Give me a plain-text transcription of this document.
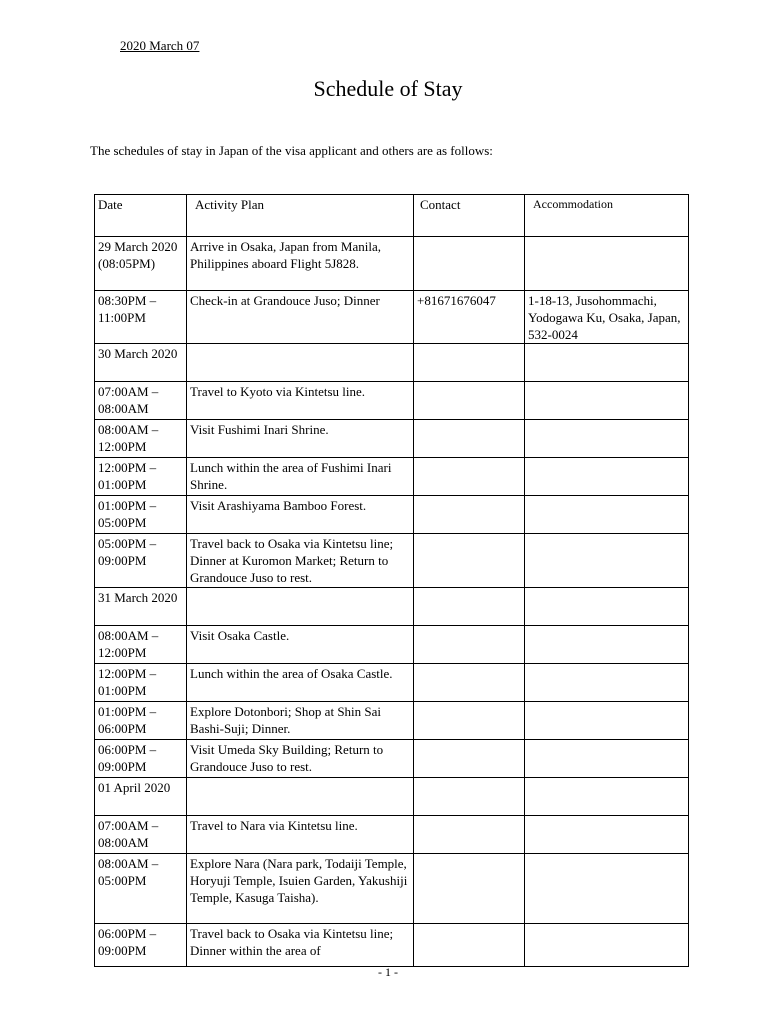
2020 March 07
Schedule of Stay
The schedules of stay in Japan of the visa applicant and others are as follows:
Date	Activity Plan	Contact	Accommodation
29 March 2020 (08:05PM)	Arrive in Osaka, Japan from Manila, Philippines aboard Flight 5J828.		
08:30PM – 11:00PM	Check-in at Grandouce Juso; Dinner	+81671676047	1-18-13, Jusohommachi, Yodogawa Ku, Osaka, Japan, 532-0024
30 March 2020			
07:00AM – 08:00AM	Travel to Kyoto via Kintetsu line.		
08:00AM – 12:00PM	Visit Fushimi Inari Shrine.		
12:00PM – 01:00PM	Lunch within the area of Fushimi Inari Shrine.		
01:00PM – 05:00PM	Visit Arashiyama Bamboo Forest.		
05:00PM – 09:00PM	Travel back to Osaka via Kintetsu line; Dinner at Kuromon Market; Return to Grandouce Juso to rest.		
31 March 2020			
08:00AM – 12:00PM	Visit Osaka Castle.		
12:00PM – 01:00PM	Lunch within the area of Osaka Castle.		
01:00PM – 06:00PM	Explore Dotonbori; Shop at Shin Sai Bashi-Suji; Dinner.		
06:00PM – 09:00PM	Visit Umeda Sky Building; Return to Grandouce Juso to rest.		
01 April 2020			
07:00AM – 08:00AM	Travel to Nara via Kintetsu line.		
08:00AM – 05:00PM	Explore Nara (Nara park, Todaiji Temple, Horyuji Temple, Isuien Garden, Yakushiji Temple, Kasuga Taisha).		
06:00PM – 09:00PM	Travel back to Osaka via Kintetsu line; Dinner within the area of		
- 1 -
